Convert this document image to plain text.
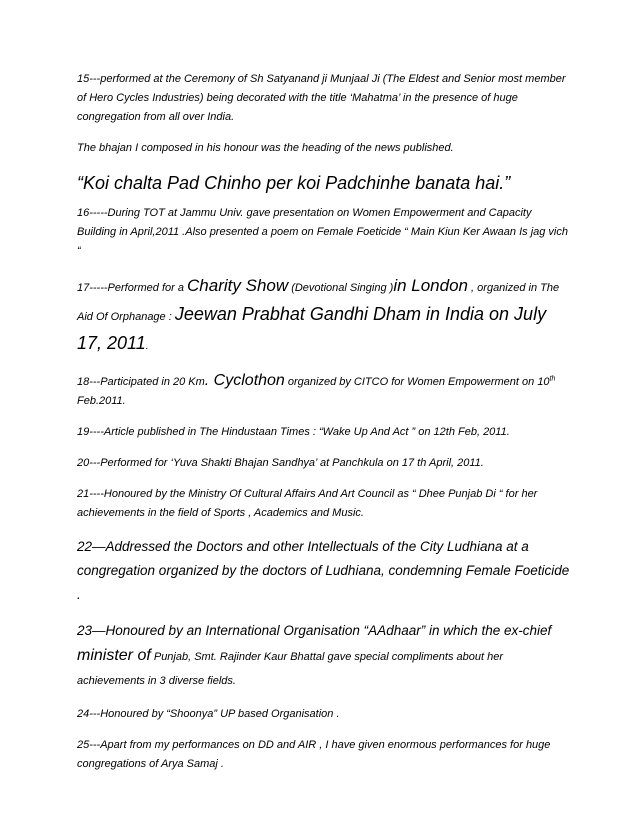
15---performed at the Ceremony of Sh Satyanand ji Munjaal Ji (The Eldest and Senior most member of Hero Cycles Industries) being decorated with the title ‘Mahatma’ in the presence of huge congregation from all over India.

The bhajan I composed in his honour was the heading of the news published.

“Koi chalta Pad Chinho per koi Padchinhe banata hai.”

16-----During TOT at Jammu Univ. gave presentation on Women Empowerment and Capacity Building in April,2011 .Also presented a poem on Female Foeticide “ Main Kiun Ker Awaan Is jag vich “

17-----Performed for a Charity Show (Devotional Singing )in London , organized in The Aid Of Orphanage : Jeewan Prabhat Gandhi Dham in India on July 17, 2011.

18---Participated in 20 Km. Cyclothon organized by CITCO for Women Empowerment on 10th Feb.2011.

19----Article published in The Hindustaan Times : “Wake Up And Act ” on 12th Feb, 2011.

20---Performed for ‘Yuva Shakti Bhajan Sandhya’ at Panchkula on 17 th April, 2011.

21----Honoured by the Ministry Of Cultural Affairs And Art Council as “ Dhee Punjab Di “ for her achievements in the field of Sports , Academics and Music.

22—Addressed the Doctors and other Intellectuals of the City Ludhiana at a congregation organized by the doctors of Ludhiana, condemning Female Foeticide .

23—Honoured by an International Organisation “AAdhaar” in which the ex-chief minister of Punjab, Smt. Rajinder Kaur Bhattal gave special compliments about her achievements in 3 diverse fields.

24---Honoured by “Shoonya” UP based Organisation .

25---Apart from my performances on DD and AIR , I have given enormous performances for huge congregations of Arya Samaj .
